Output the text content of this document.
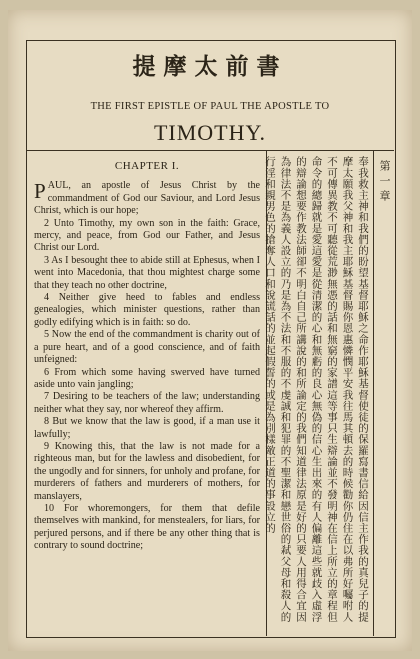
提摩太前書
THE FIRST EPISTLE OF PAUL THE APOSTLE TO
TIMOTHY.
CHAPTER I.

PAUL, an apostle of Jesus Christ by the commandment of God our Saviour, and Lord Jesus Christ, which is our hope;

2 Unto Timothy, my own son in the faith: Grace, mercy, and peace, from God our Father, and Jesus Christ our Lord.

3 As I besought thee to abide still at Ephesus, when I went into Macedonia, that thou mightest charge some that they teach no other doctrine,

4 Neither give heed to fables and endless genealogies, which minister questions, rather than godly edifying which is in faith: so do.

5 Now the end of the commandment is charity out of a pure heart, and of a good conscience, and of faith unfeigned:

6 From which some having swerved have turned aside unto vain jangling;

7 Desiring to be teachers of the law; understanding neither what they say, nor whereof they affirm.

8 But we know that the law is good, if a man use it lawfully;

9 Knowing this, that the law is not made for a righteous man, but for the lawless and disobedient, for the ungodly and for sinners, for unholy and profane, for murderers of fathers and murderers of mothers, for manslayers,

10 For whoremongers, for them that defile themselves with mankind, for menstealers, for liars, for perjured persons, and if there be any other thing that is contrary to sound doctrine;	奉我救主神和我們的盼望基督耶穌之命作耶穌基督使徒的保羅寫書信給因信主作我的真兒子的提摩太願我父神和我主耶穌基督賜你恩惠憐憫平安我往馬其頓去的時候勸你仍住在以弗所好囑咐人不可傳異教不可聽從荒渺無憑的話和無窮的家譜這等事只生辯論並不發明神在信上所立的章程但命令的總歸就是愛這愛是從清潔的心和無虧的良心無偽的信心生出來的有人偏離這些就歧入虛浮的辯論想要作教法師卻不明白自己所講說的和所論定的我們知道律法原是好的只要人用得合宜因為律法不是為義人設立的乃是為不法和不服的不虔誠和犯罪的不聖潔和戀世俗的弒父母和殺人的行淫和親男色的搶奪人口和說謊話的並起假誓的或是為別樣敵正道的事設立的	第一章
